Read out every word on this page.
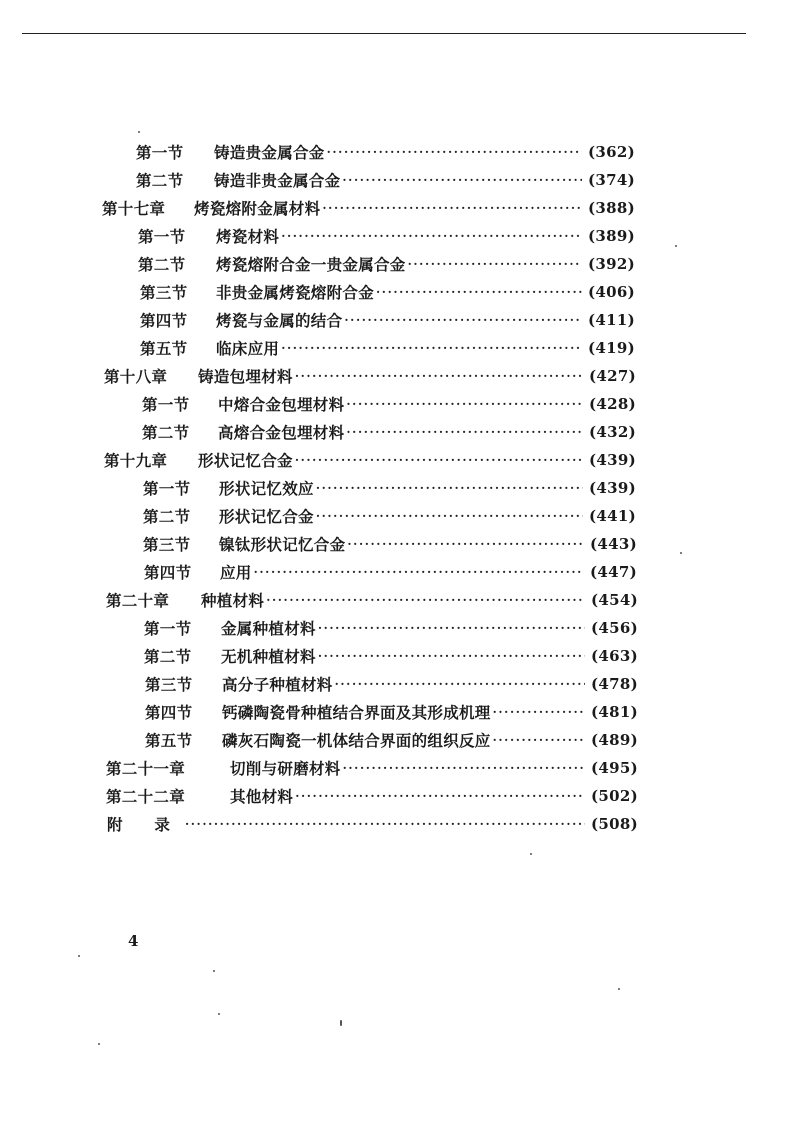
第一节	铸造贵金属合金 ·····	(362)
第二节	铸造非贵金属合金 ·····	(374)
第十七章	烤瓷熔附金属材料 ·····	(388)
第一节	烤瓷材料 ·····	(389)
第二节	烤瓷熔附合金一贵金属合金 ·····	(392)
第三节	非贵金属烤瓷熔附合金 ·····	(406)
第四节	烤瓷与金属的结合 ·····	(411)
第五节	临床应用 ·····	(419)
第十八章	铸造包埋材料 ·····	(427)
第一节	中熔合金包埋材料 ·····	(428)
第二节	高熔合金包埋材料 ·····	(432)
第十九章	形状记忆合金 ·····	(439)
第一节	形状记忆效应 ·····	(439)
第二节	形状记忆合金 ·····	(441)
第三节	镍钛形状记忆合金 ·····	(443)
第四节	应用 ·····	(447)
第二十章	种植材料 ·····	(454)
第一节	金属种植材料 ·····	(456)
第二节	无机种植材料 ·····	(463)
第三节	高分子种植材料 ·····	(478)
第四节	钙磷陶瓷骨种植结合界面及其形成机理 ·····	(481)
第五节	磷灰石陶瓷一机体结合界面的组织反应 ·····	(489)
第二十一章	切削与研磨材料 ·····	(495)
第二十二章	其他材料 ·····	(502)
附　　录 ·····	(508)
4
